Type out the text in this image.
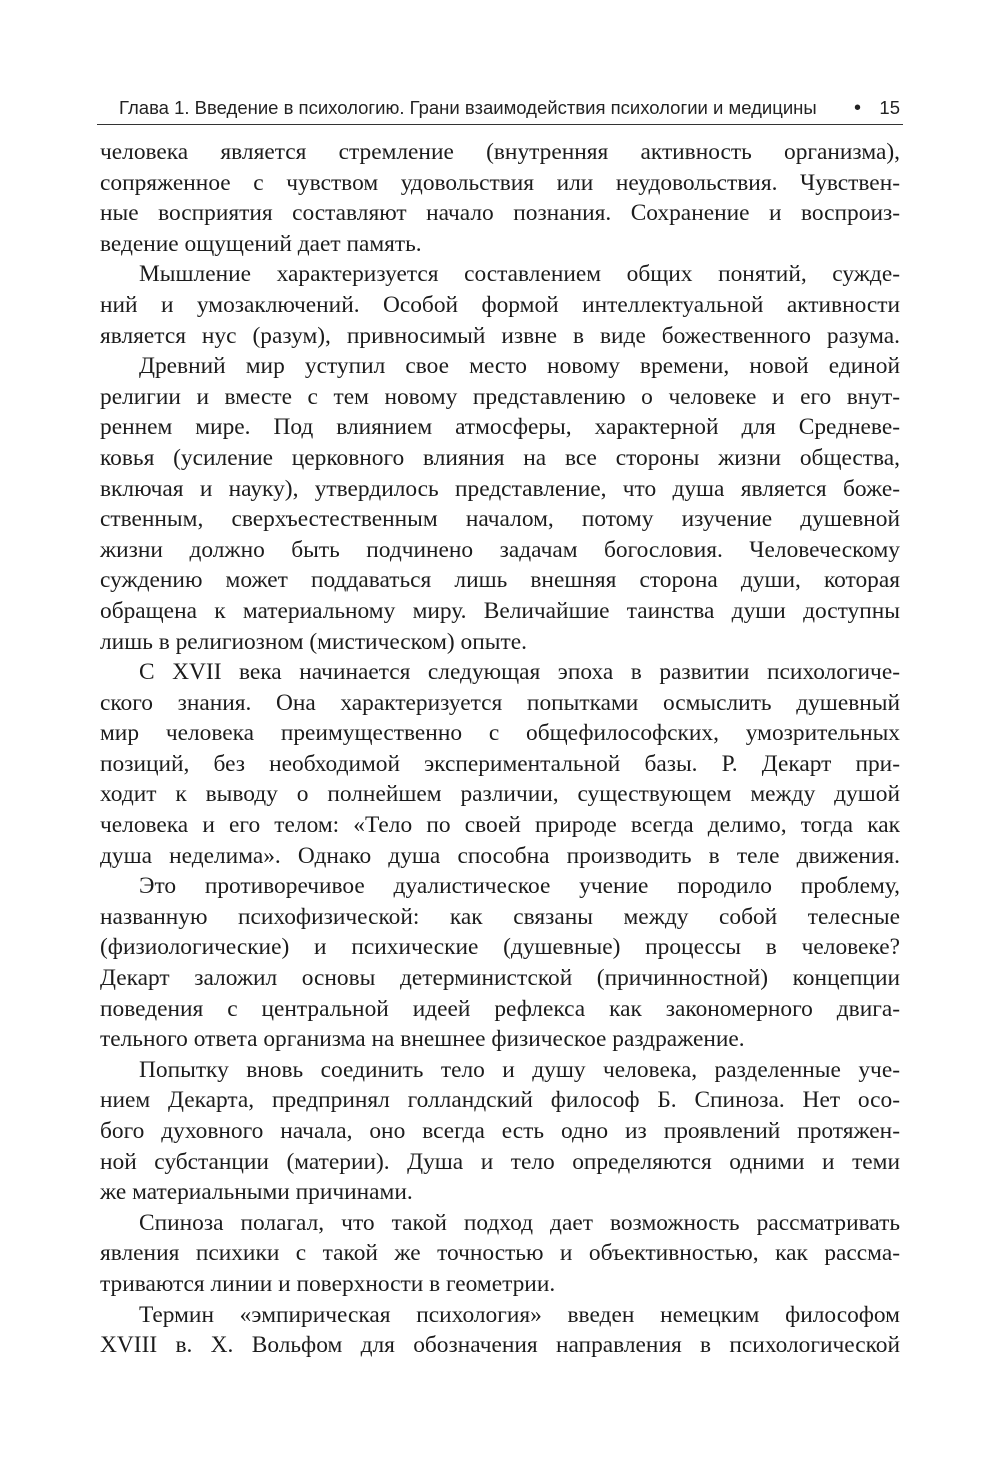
Глава 1. Введение в психологию. Грани взаимодействия психологии и медицины • 15
человека является стремление (внутренняя активность организма),
сопряженное с чувством удовольствия или неудовольствия. Чувствен-
ные восприятия составляют начало познания. Сохранение и воспроиз-
ведение ощущений дает память.
Мышление характеризуется составлением общих понятий, сужде-
ний и умозаключений. Особой формой интеллектуальной активности
является нус (разум), привносимый извне в виде божественного разума.
Древний мир уступил свое место новому времени, новой единой
религии и вместе с тем новому представлению о человеке и его внут-
реннем мире. Под влиянием атмосферы, характерной для Средневе-
ковья (усиление церковного влияния на все стороны жизни общества,
включая и науку), утвердилось представление, что душа является боже-
ственным, сверхъестественным началом, потому изучение душевной
жизни должно быть подчинено задачам богословия. Человеческому
суждению может поддаваться лишь внешняя сторона души, которая
обращена к материальному миру. Величайшие таинства души доступны
лишь в религиозном (мистическом) опыте.
С XVII века начинается следующая эпоха в развитии психологиче-
ского знания. Она характеризуется попытками осмыслить душевный
мир человека преимущественно с общефилософских, умозрительных
позиций, без необходимой экспериментальной базы. Р. Декарт при-
ходит к выводу о полнейшем различии, существующем между душой
человека и его телом: «Тело по своей природе всегда делимо, тогда как
душа неделима». Однако душа способна производить в теле движения.
Это противоречивое дуалистическое учение породило проблему,
названную психофизической: как связаны между собой телесные
(физиологические) и психические (душевные) процессы в человеке?
Декарт заложил основы детерминистской (причинностной) концепции
поведения с центральной идеей рефлекса как закономерного двига-
тельного ответа организма на внешнее физическое раздражение.
Попытку вновь соединить тело и душу человека, разделенные уче-
нием Декарта, предпринял голландский философ Б. Спиноза. Нет осо-
бого духовного начала, оно всегда есть одно из проявлений протяжен-
ной субстанции (материи). Душа и тело определяются одними и теми
же материальными причинами.
Спиноза полагал, что такой подход дает возможность рассматривать
явления психики с такой же точностью и объективностью, как рассма-
триваются линии и поверхности в геометрии.
Термин «эмпирическая психология» введен немецким философом
XVIII в. Х. Вольфом для обозначения направления в психологической
